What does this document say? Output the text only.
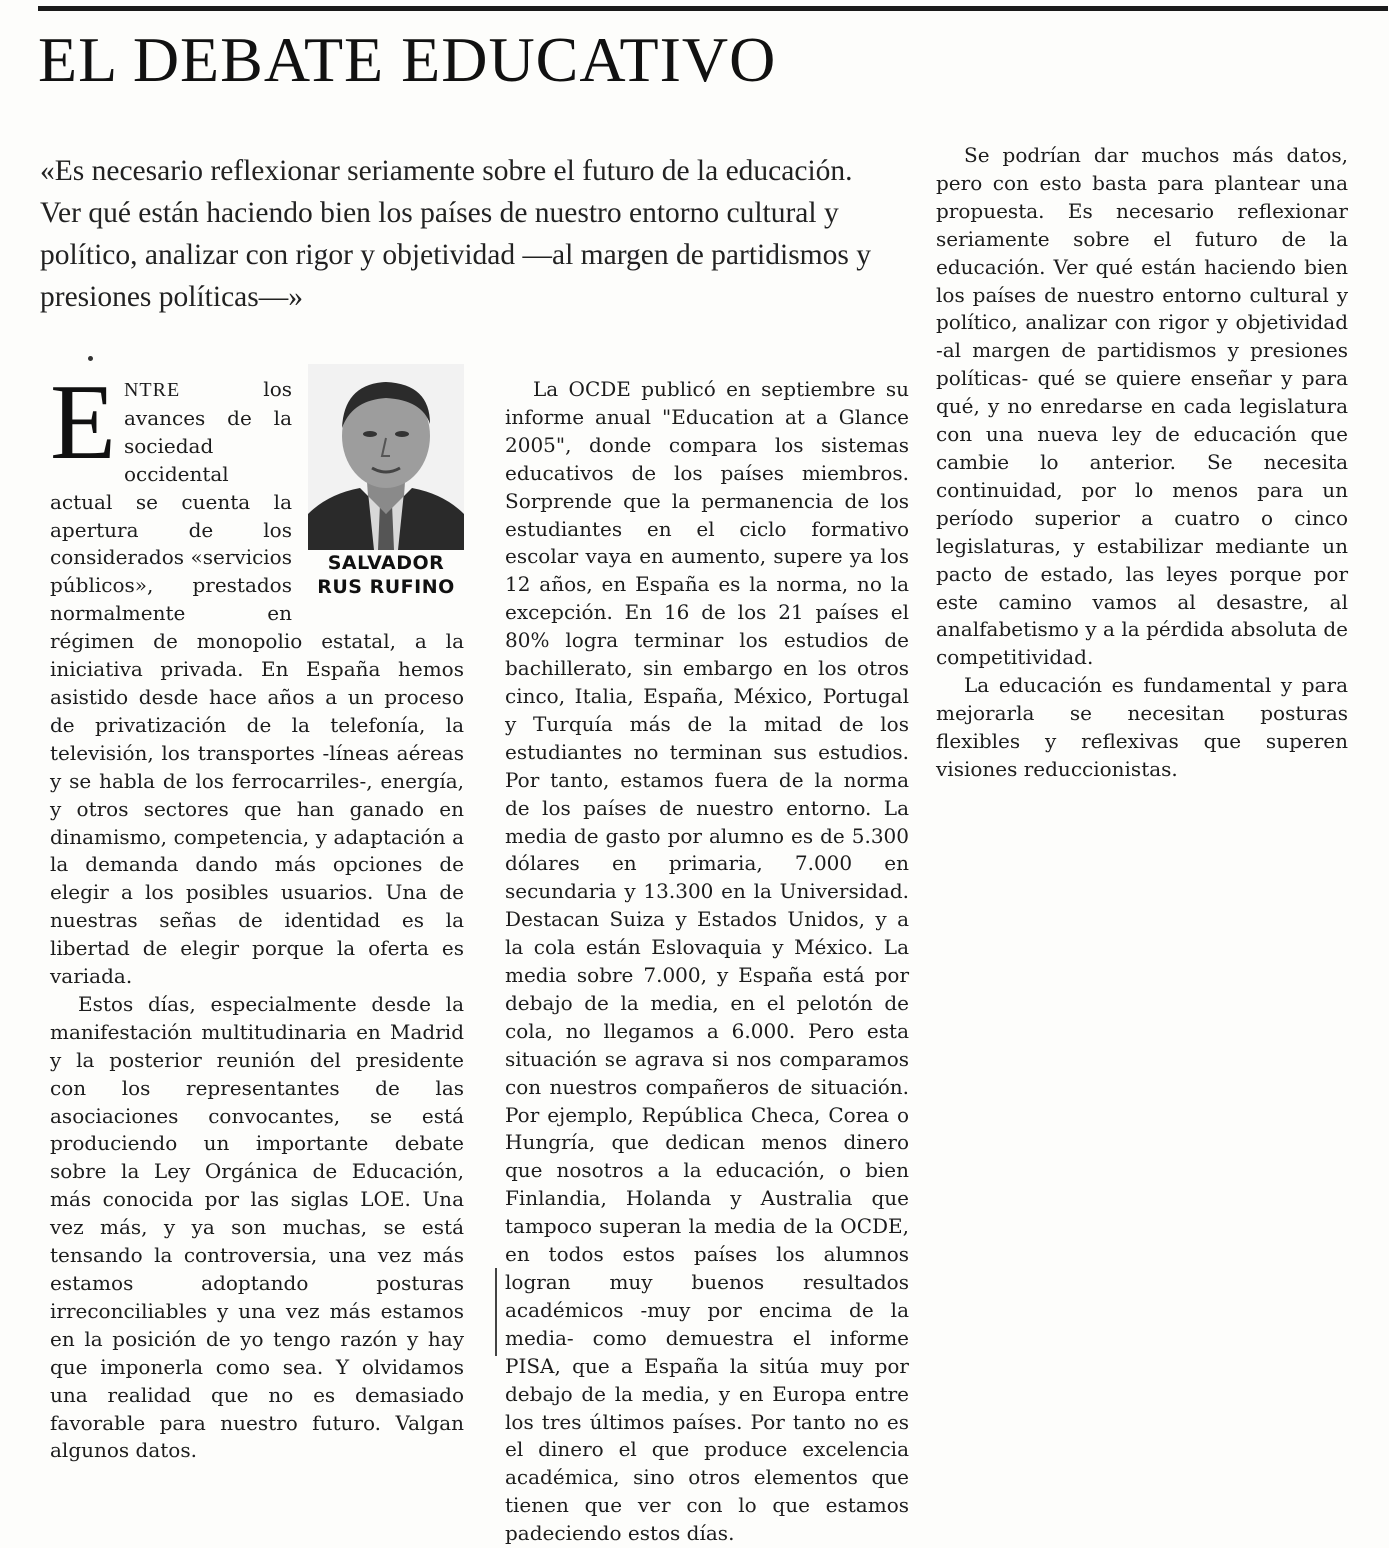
EL DEBATE EDUCATIVO

«Es necesario reflexionar seriamente sobre el futuro de la educación. Ver qué están haciendo bien los países de nuestro entorno cultural y político, analizar con rigor y objetividad —al margen de partidismos y presiones políticas—»

SALVADOR
RUS RUFINO

ENTRE los avances de la sociedad occidental actual se cuenta la apertura de los considerados «servicios públicos», prestados normalmente en régimen de monopolio estatal, a la iniciativa privada. En España hemos asistido desde hace años a un proceso de privatización de la telefonía, la televisión, los transportes -líneas aéreas y se habla de los ferrocarriles-, energía, y otros sectores que han ganado en dinamismo, competencia, y adaptación a la demanda dando más opciones de elegir a los posibles usuarios. Una de nuestras señas de identidad es la libertad de elegir porque la oferta es variada.

Estos días, especialmente desde la manifestación multitudinaria en Madrid y la posterior reunión del presidente con los representantes de las asociaciones convocantes, se está produciendo un importante debate sobre la Ley Orgánica de Educación, más conocida por las siglas LOE. Una vez más, y ya son muchas, se está tensando la controversia, una vez más estamos adoptando posturas irreconciliables y una vez más estamos en la posición de yo tengo razón y hay que imponerla como sea. Y olvidamos una realidad que no es demasiado favorable para nuestro futuro. Valgan algunos datos.

La OCDE publicó en septiembre su informe anual "Education at a Glance 2005", donde compara los sistemas educativos de los países miembros. Sorprende que la permanencia de los estudiantes en el ciclo formativo escolar vaya en aumento, supere ya los 12 años, en España es la norma, no la excepción. En 16 de los 21 países el 80% logra terminar los estudios de bachillerato, sin embargo en los otros cinco, Italia, España, México, Portugal y Turquía más de la mitad de los estudiantes no terminan sus estudios. Por tanto, estamos fuera de la norma de los países de nuestro entorno. La media de gasto por alumno es de 5.300 dólares en primaria, 7.000 en secundaria y 13.300 en la Universidad. Destacan Suiza y Estados Unidos, y a la cola están Eslovaquia y México. La media sobre 7.000, y España está por debajo de la media, en el pelotón de cola, no llegamos a 6.000. Pero esta situación se agrava si nos comparamos con nuestros compañeros de situación. Por ejemplo, República Checa, Corea o Hungría, que dedican menos dinero que nosotros a la educación, o bien Finlandia, Holanda y Australia que tampoco superan la media de la OCDE, en todos estos países los alumnos logran muy buenos resultados académicos -muy por encima de la media- como demuestra el informe PISA, que a España la sitúa muy por debajo de la media, y en Europa entre los tres últimos países. Por tanto no es el dinero el que produce excelencia académica, sino otros elementos que tienen que ver con lo que estamos padeciendo estos días.

Se podrían dar muchos más datos, pero con esto basta para plantear una propuesta. Es necesario reflexionar seriamente sobre el futuro de la educación. Ver qué están haciendo bien los países de nuestro entorno cultural y político, analizar con rigor y objetividad -al margen de partidismos y presiones políticas- qué se quiere enseñar y para qué, y no enredarse en cada legislatura con una nueva ley de educación que cambie lo anterior. Se necesita continuidad, por lo menos para un período superior a cuatro o cinco legislaturas, y estabilizar mediante un pacto de estado, las leyes porque por este camino vamos al desastre, al analfabetismo y a la pérdida absoluta de competitividad.

La educación es fundamental y para mejorarla se necesitan posturas flexibles y reflexivas que superen visiones reduccionistas.
